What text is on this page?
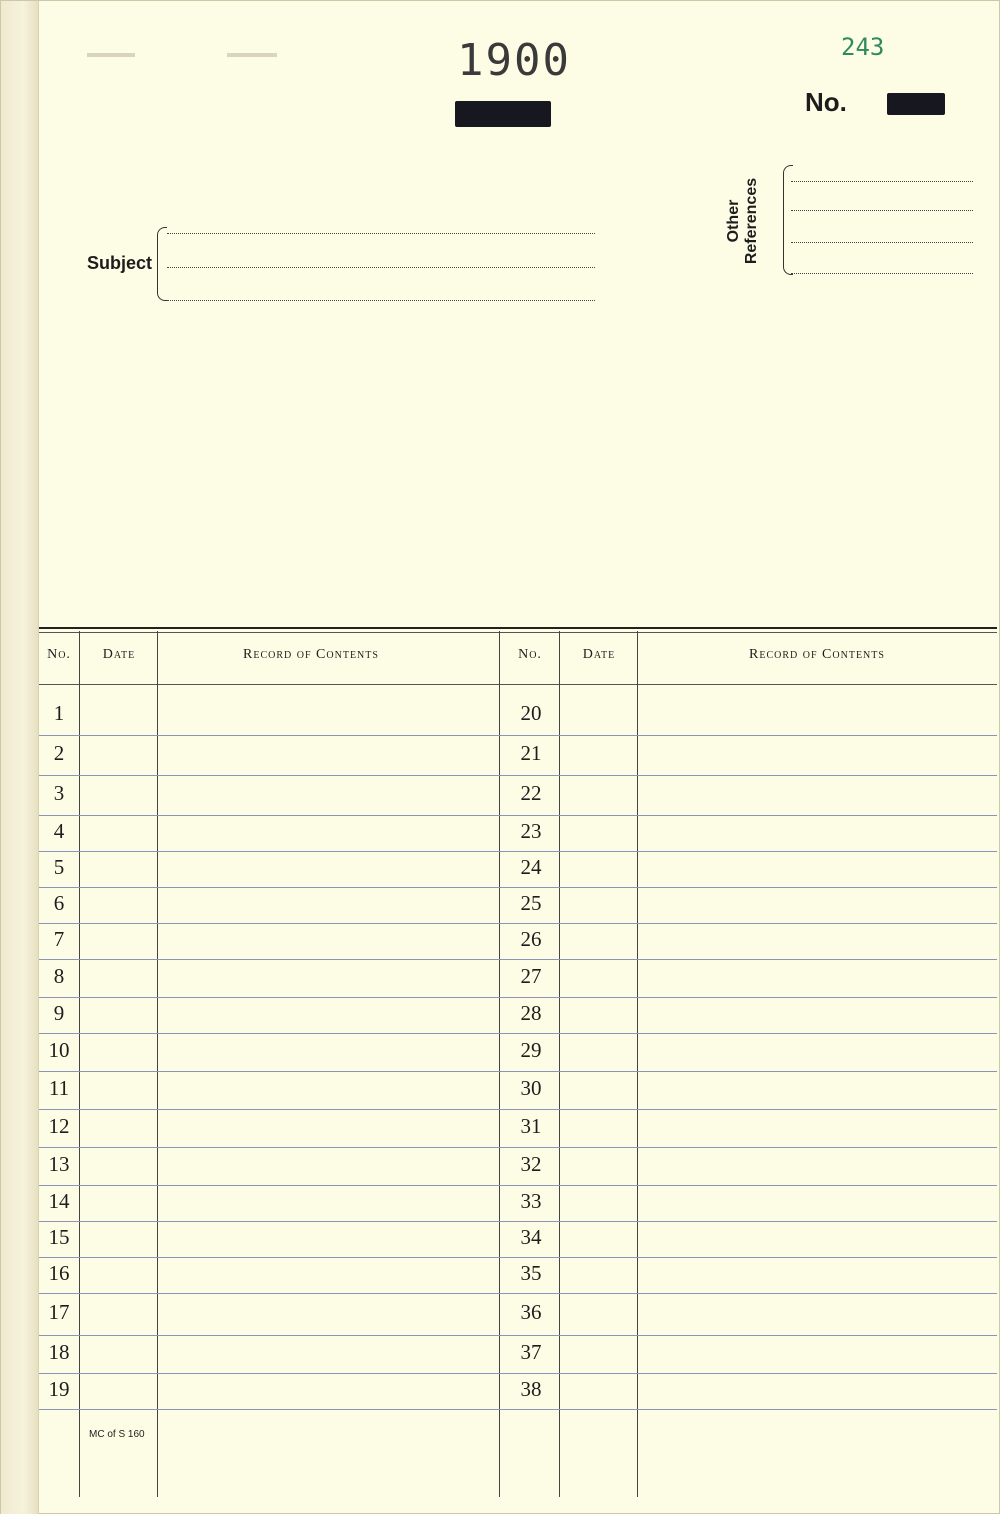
1900	243
No.
Subject
Other References
No.	Date	Record of Contents	No.	Date	Record of Contents
1	20
2	21
3	22
4	23
5	24
6	25
7	26
8	27
9	28
10	29
11	30
12	31
13	32
14	33
15	34
16	35
17	36
18	37
19	38
MC of S 160
